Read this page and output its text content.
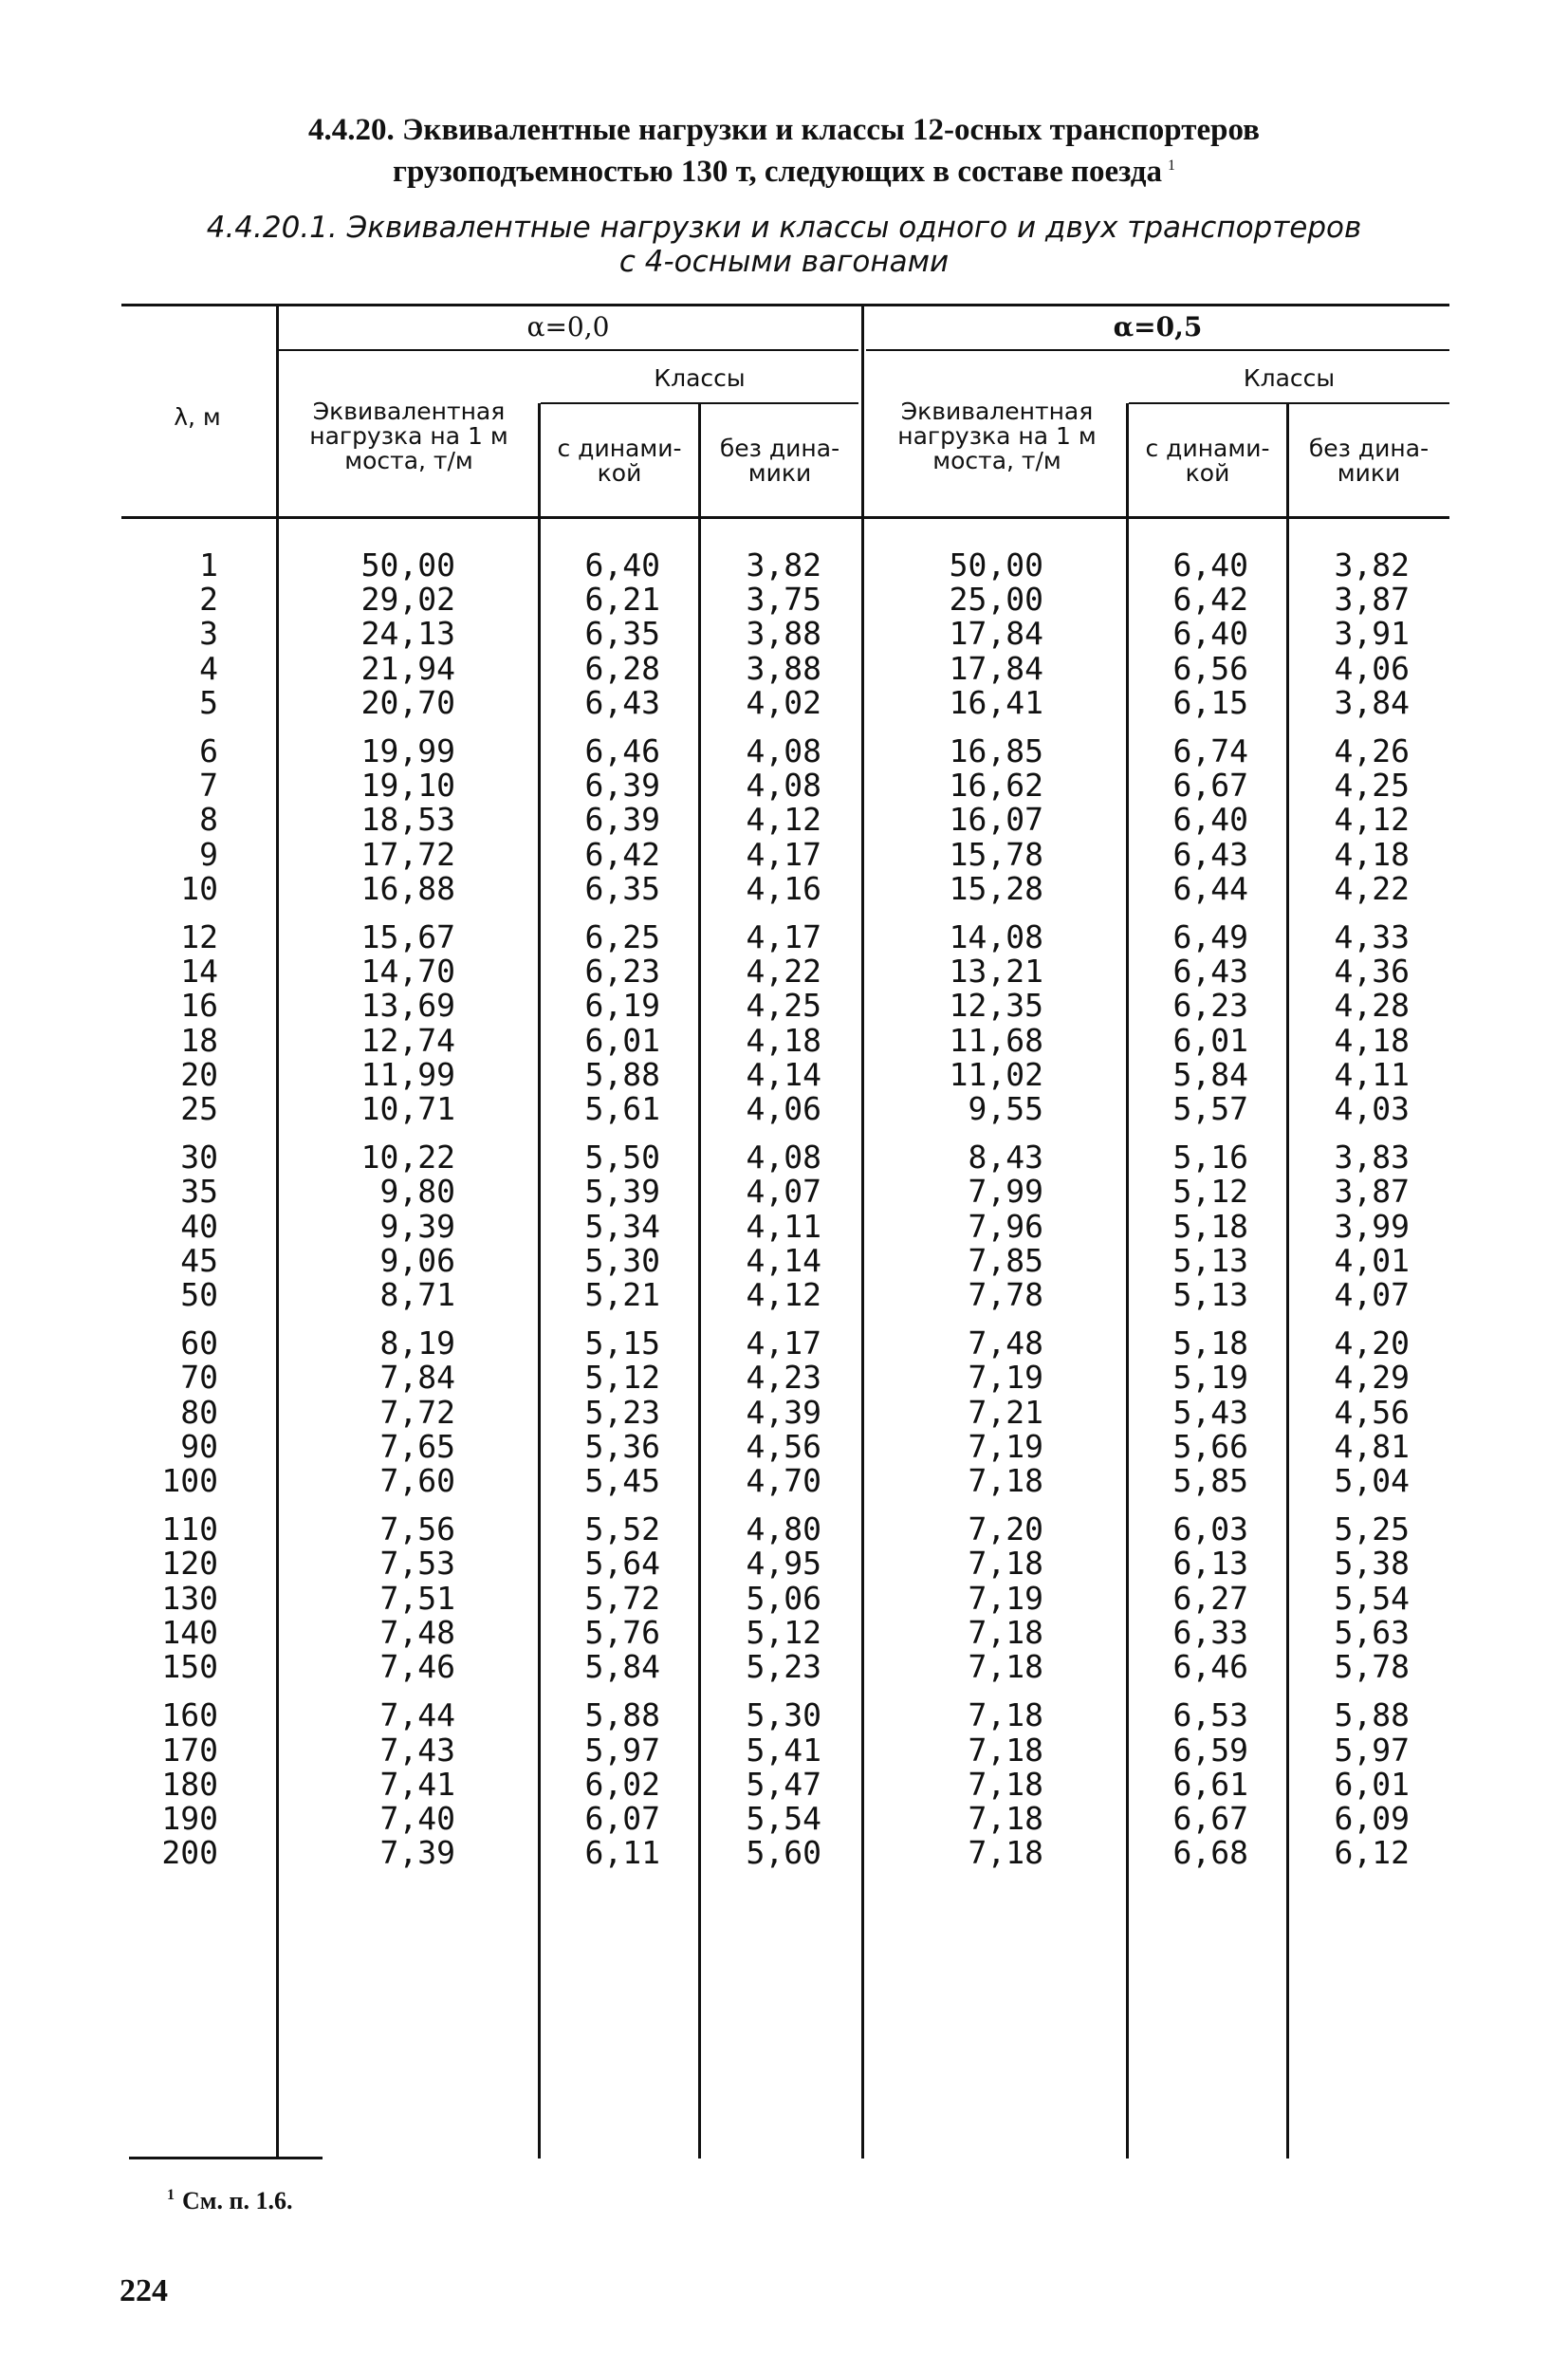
4.4.20. Эквивалентные нагрузки и классы 12-осных транспортеров
грузоподъемностью 130 т, следующих в составе поезда $^1$
4.4.20.1. Эквивалентные нагрузки и классы одного и двух транспортеров
с 4-осными вагонами
λ, м
α=0,0	α=0,5
Эквивалентная
нагрузка на 1 м
моста, т/м
Эквивалентная
нагрузка на 1 м
моста, т/м
Классы	Классы
с динами-
кой
без дина-
мики
с динами-
кой
без дина-
мики
1
2
3
4
5
6
7
8
9
10
12
14
16
18
20
25
30
35
40
45
50
60
70
80
90
100
110
120
130
140
150
160
170
180
190
200
50,00
29,02
24,13
21,94
20,70
19,99
19,10
18,53
17,72
16,88
15,67
14,70
13,69
12,74
11,99
10,71
10,22
9,80
9,39
9,06
8,71
8,19
7,84
7,72
7,65
7,60
7,56
7,53
7,51
7,48
7,46
7,44
7,43
7,41
7,40
7,39
6,40
6,21
6,35
6,28
6,43
6,46
6,39
6,39
6,42
6,35
6,25
6,23
6,19
6,01
5,88
5,61
5,50
5,39
5,34
5,30
5,21
5,15
5,12
5,23
5,36
5,45
5,52
5,64
5,72
5,76
5,84
5,88
5,97
6,02
6,07
6,11
3,82
3,75
3,88
3,88
4,02
4,08
4,08
4,12
4,17
4,16
4,17
4,22
4,25
4,18
4,14
4,06
4,08
4,07
4,11
4,14
4,12
4,17
4,23
4,39
4,56
4,70
4,80
4,95
5,06
5,12
5,23
5,30
5,41
5,47
5,54
5,60
50,00
25,00
17,84
17,84
16,41
16,85
16,62
16,07
15,78
15,28
14,08
13,21
12,35
11,68
11,02
9,55
8,43
7,99
7,96
7,85
7,78
7,48
7,19
7,21
7,19
7,18
7,20
7,18
7,19
7,18
7,18
7,18
7,18
7,18
7,18
7,18
6,40
6,42
6,40
6,56
6,15
6,74
6,67
6,40
6,43
6,44
6,49
6,43
6,23
6,01
5,84
5,57
5,16
5,12
5,18
5,13
5,13
5,18
5,19
5,43
5,66
5,85
6,03
6,13
6,27
6,33
6,46
6,53
6,59
6,61
6,67
6,68
3,82
3,87
3,91
4,06
3,84
4,26
4,25
4,12
4,18
4,22
4,33
4,36
4,28
4,18
4,11
4,03
3,83
3,87
3,99
4,01
4,07
4,20
4,29
4,56
4,81
5,04
5,25
5,38
5,54
5,63
5,78
5,88
5,97
6,01
6,09
6,12
$^1$ См. п. 1.6.
224
